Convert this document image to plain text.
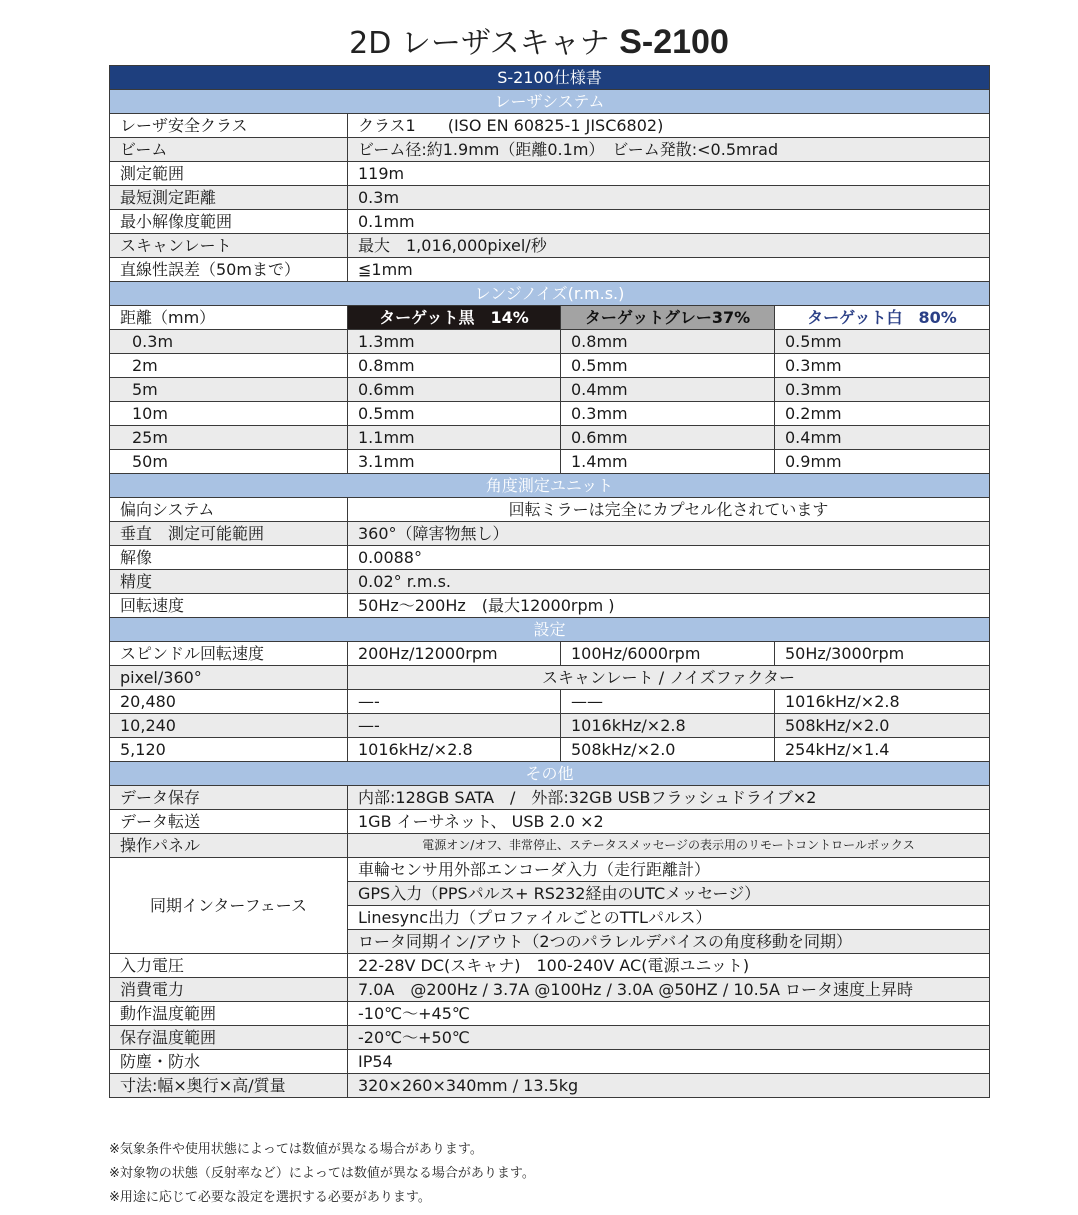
2D レーザスキャナ S-2100
S-2100仕様書			
レーザシステム			
レーザ安全クラス	クラス1　　(ISO EN 60825-1 JISC6802)		
ビーム	ビーム径:約1.9mm（距離0.1m）　ビーム発散:<0.5mrad		
測定範囲	119m		
最短測定距離	0.3m		
最小解像度範囲	0.1mm		
スキャンレート	最大　1,016,000pixel/秒		
直線性誤差（50mまで）	≦1mm		
レンジノイズ(r.m.s.)			
距離（mm）	ターゲット黒　14%	ターゲットグレー37%	ターゲット白　80%
0.3m	1.3mm	0.8mm	0.5mm
2m	0.8mm	0.5mm	0.3mm
5m	0.6mm	0.4mm	0.3mm
10m	0.5mm	0.3mm	0.2mm
25m	1.1mm	0.6mm	0.4mm
50m	3.1mm	1.4mm	0.9mm
角度測定ユニット			
偏向システム	回転ミラーは完全にカプセル化されています		
垂直　測定可能範囲	360°（障害物無し）		
解像	0.0088°		
精度	0.02° r.m.s.		
回転速度	50Hz～200Hz　(最大12000rpm )		
設定			
スピンドル回転速度	200Hz/12000rpm	100Hz/6000rpm	50Hz/3000rpm
pixel/360°	スキャンレート / ノイズファクター		
20,480	—-	——	1016kHz/×2.8
10,240	—-	1016kHz/×2.8	508kHz/×2.0
5,120	1016kHz/×2.8	508kHz/×2.0	254kHz/×1.4
その他			
データ保存	内部:128GB SATA　/　外部:32GB USBフラッシュドライブ×2		
データ転送	1GB イーサネット、 USB 2.0 ×2		
操作パネル	電源オン/オフ、非常停止、ステータスメッセージの表示用のリモートコントロールボックス		
同期インターフェース	車輪センサ用外部エンコーダ入力（走行距離計）		
	GPS入力（PPSパルス+ RS232経由のUTCメッセージ）		
	Linesync出力（プロファイルごとのTTLパルス）		
	ロータ同期イン/アウト（2つのパラレルデバイスの角度移動を同期）		
入力電圧	22-28V DC(スキャナ)　100-240V AC(電源ユニット)		
消費電力	7.0A　@200Hz / 3.7A @100Hz / 3.0A @50HZ / 10.5A ロータ速度上昇時		
動作温度範囲	-10℃～+45℃		
保存温度範囲	-20℃～+50℃		
防塵・防水	IP54		
寸法:幅×奥行×高/質量	320×260×340mm / 13.5kg		
※気象条件や使用状態によっては数値が異なる場合があります。
※対象物の状態（反射率など）によっては数値が異なる場合があります。
※用途に応じて必要な設定を選択する必要があります。
